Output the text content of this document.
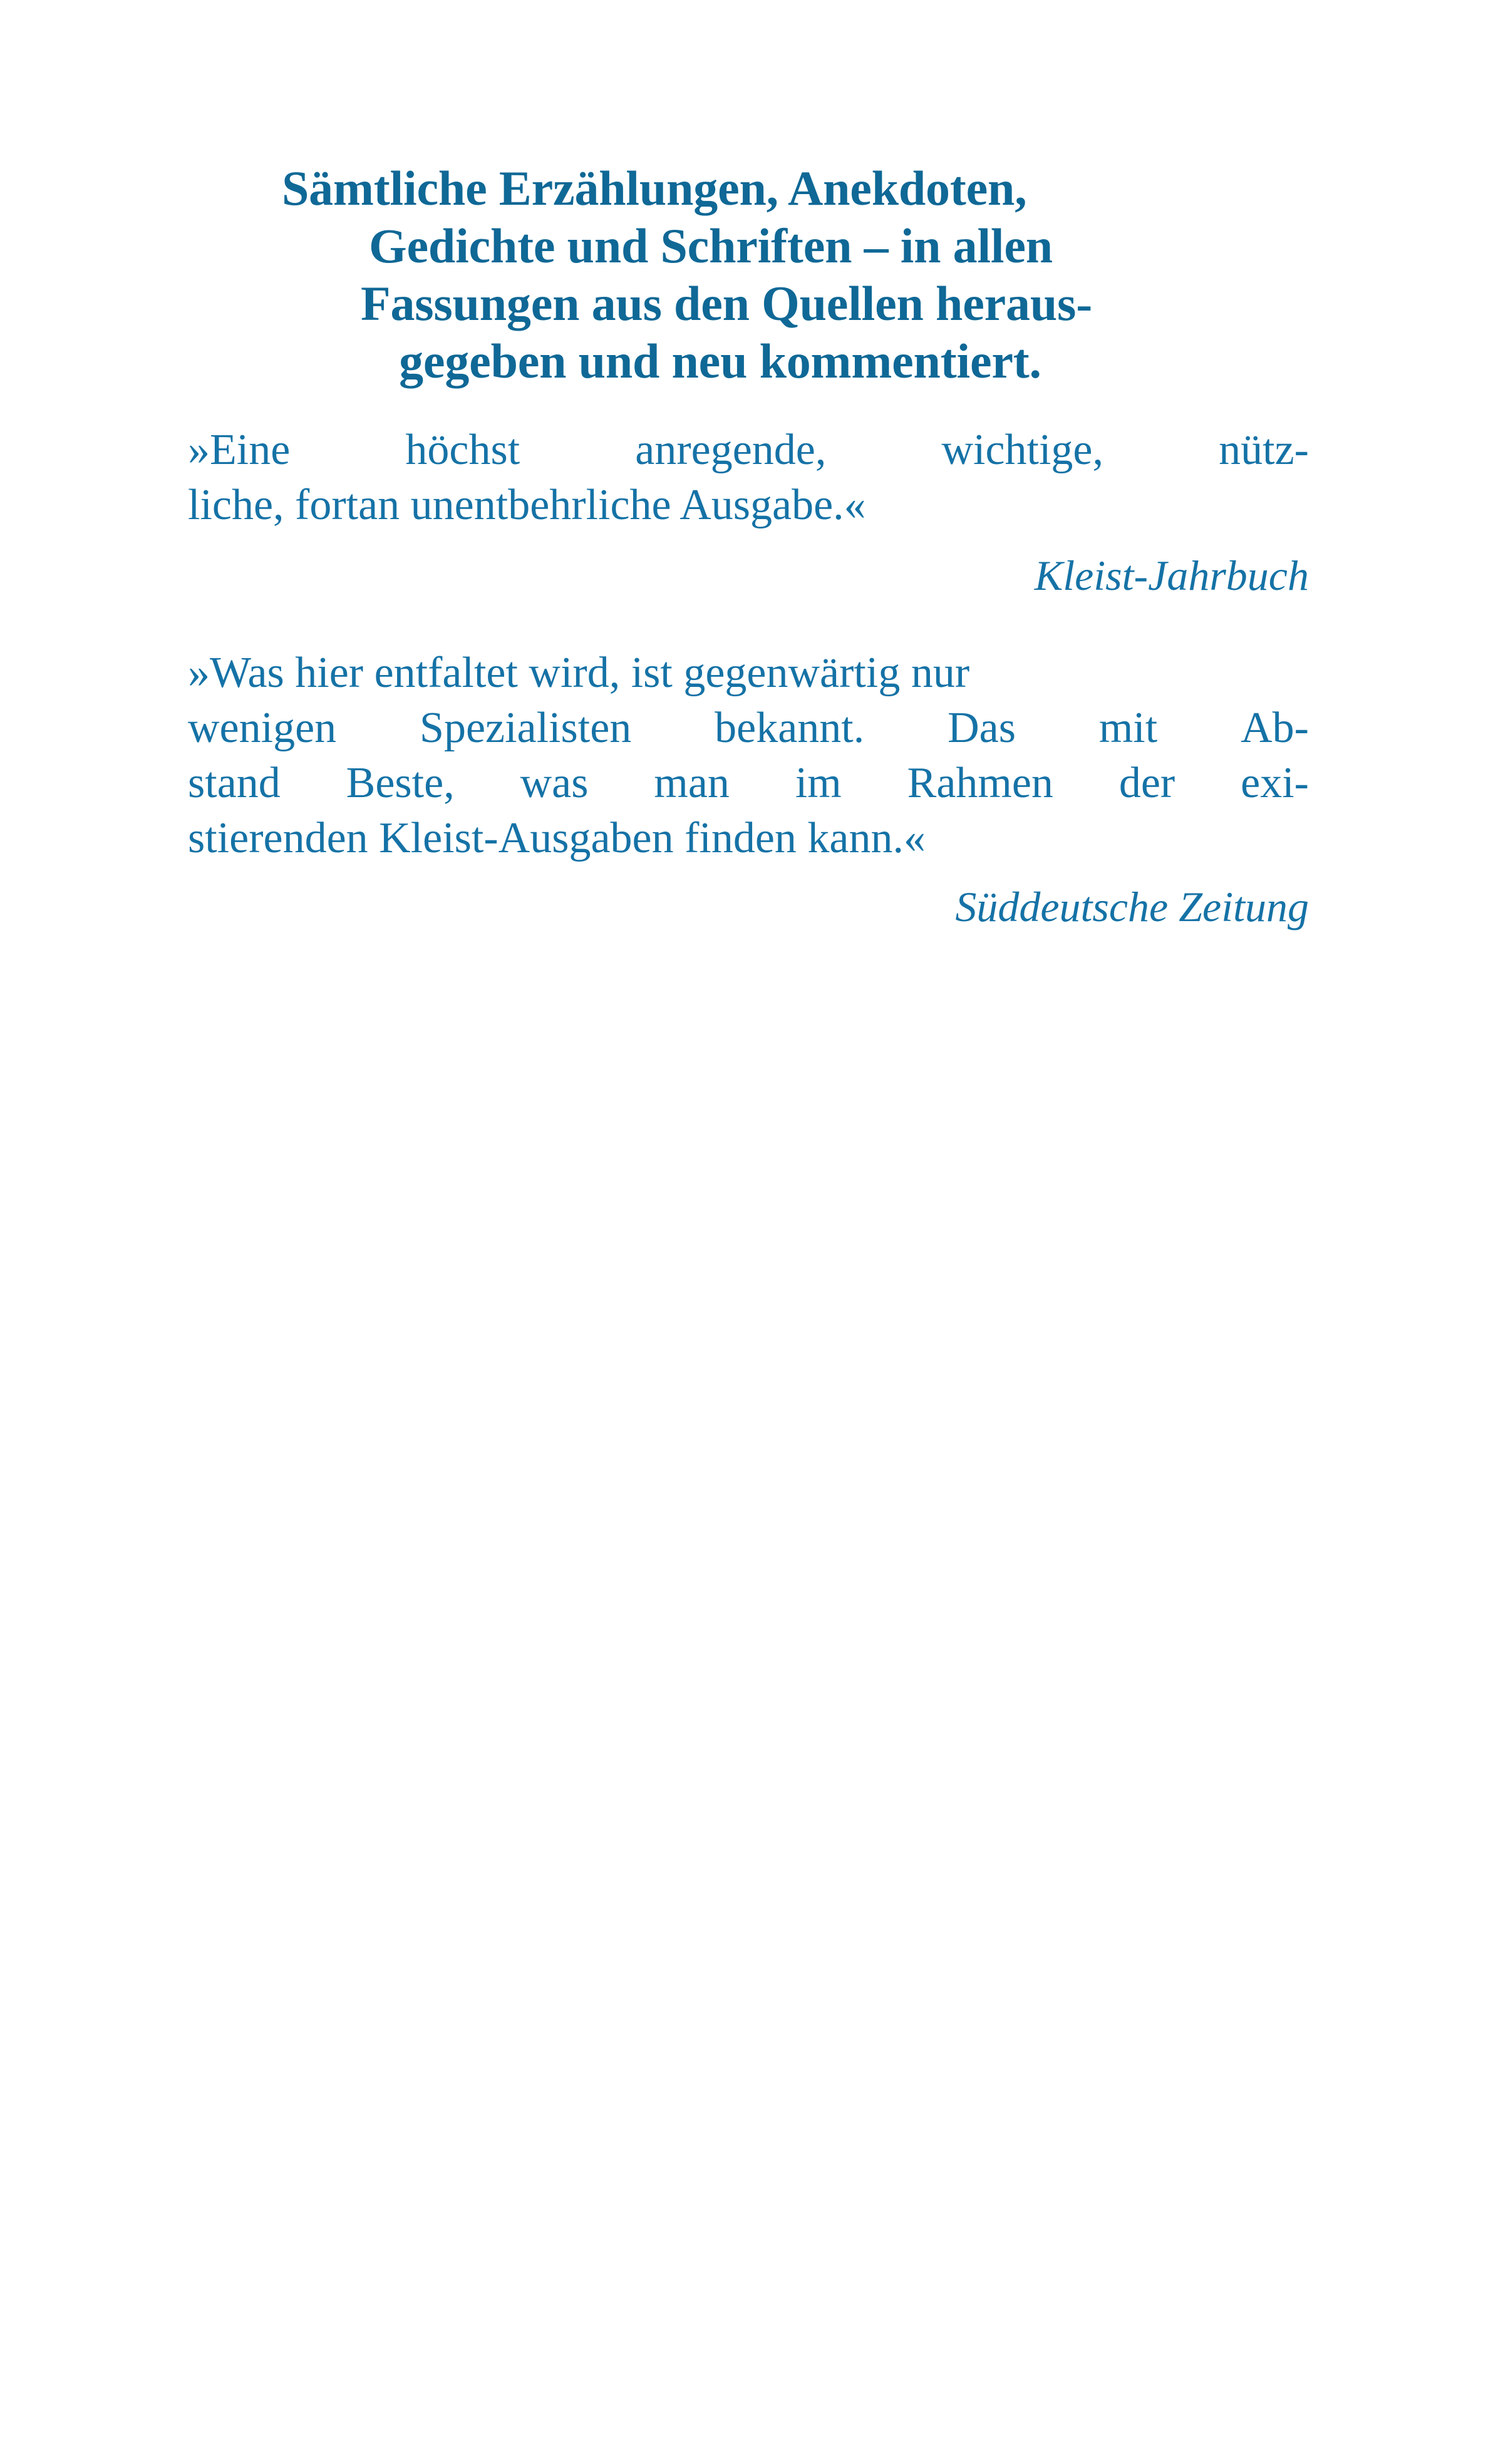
Sämtliche Erzählungen, Anekdoten,
Gedichte und Schriften – in allen
Fassungen aus den Quellen heraus-
gegeben und neu kommentiert.
»Eine	höchst	anregende,	wichtige,	nütz-
liche, fortan unentbehrliche Ausgabe.«
Kleist-Jahrbuch
»Was hier entfaltet wird, ist gegenwärtig nur
wenigen Spezialisten bekannt. Das mit Ab-
stand Beste, was man im Rahmen der exi-
stierenden Kleist-Ausgaben finden kann.«
Süddeutsche Zeitung
